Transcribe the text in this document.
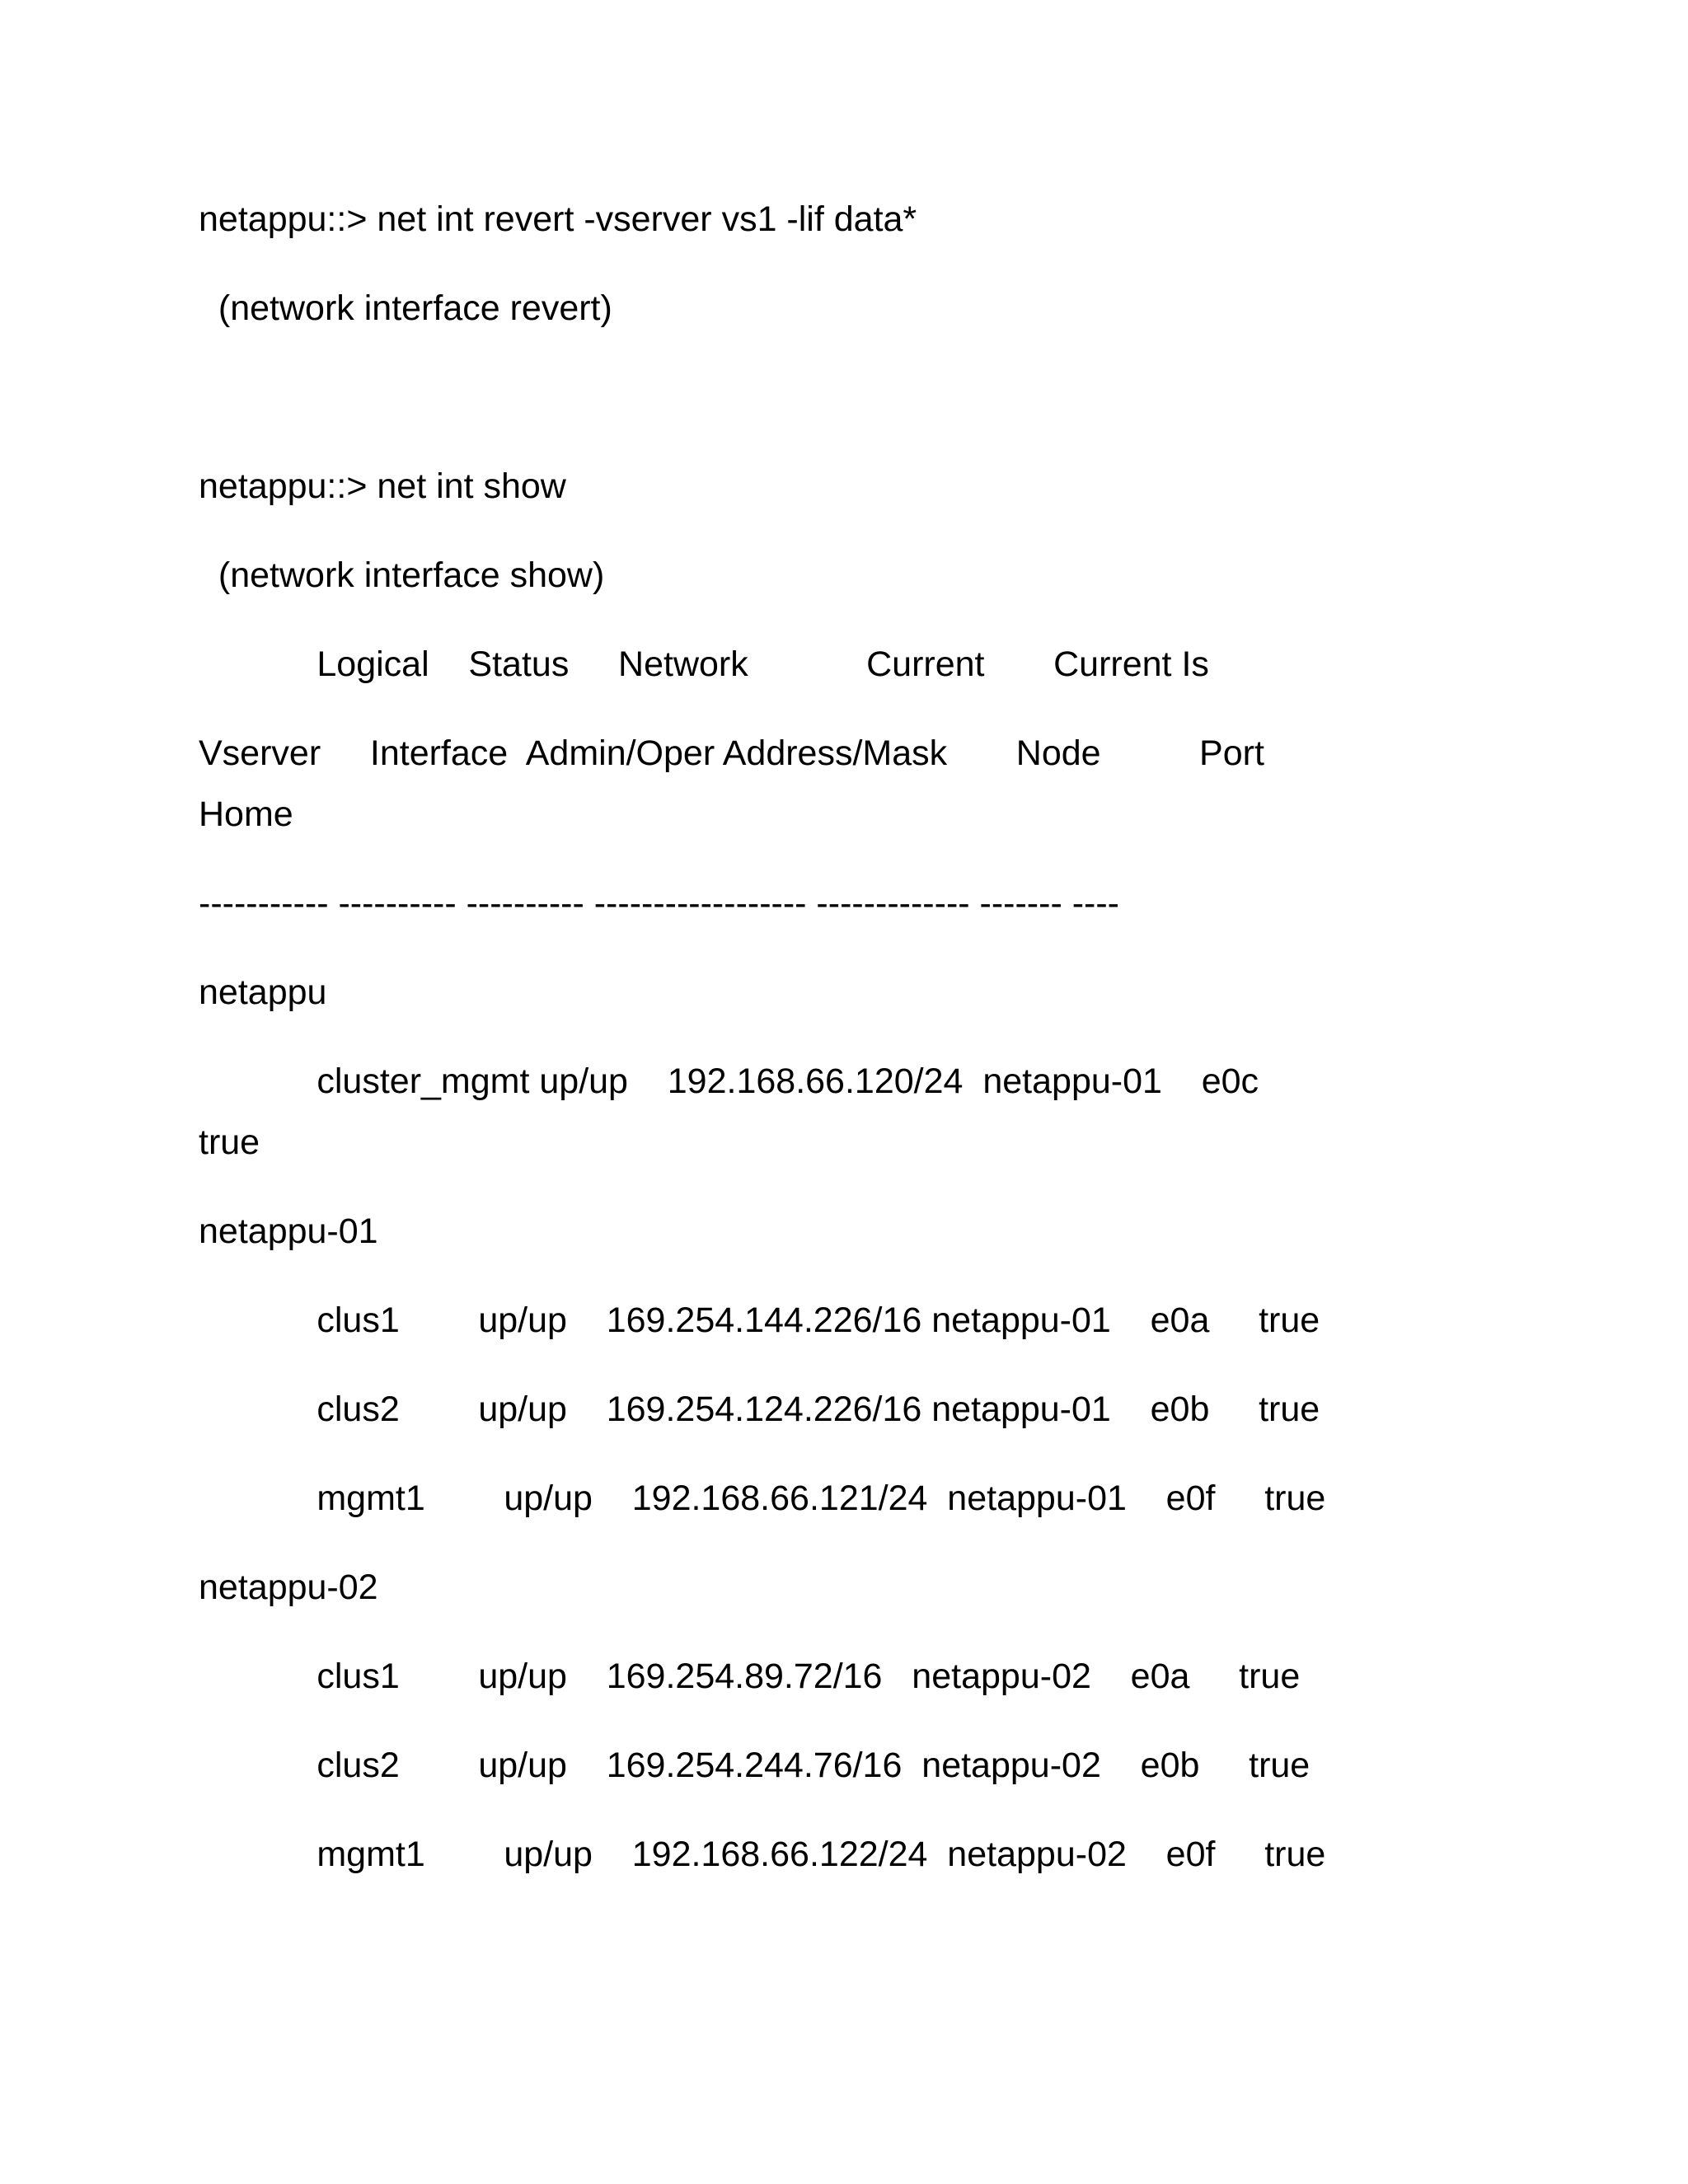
netappu::> net int revert -vserver vs1 -lif data*

(network interface revert)

netappu::> net int show

(network interface show)

Logical    Status     Network            Current       Current Is

Vserver     Interface  Admin/Oper Address/Mask       Node          Port

Home

----------- ---------- ---------- ------------------ ------------- ------- ----

netappu

cluster_mgmt up/up    192.168.66.120/24  netappu-01    e0c

true

netappu-01

clus1        up/up    169.254.144.226/16 netappu-01    e0a     true

clus2        up/up    169.254.124.226/16 netappu-01    e0b     true

mgmt1        up/up    192.168.66.121/24  netappu-01    e0f     true

netappu-02

clus1        up/up    169.254.89.72/16   netappu-02    e0a     true

clus2        up/up    169.254.244.76/16  netappu-02    e0b     true

mgmt1        up/up    192.168.66.122/24  netappu-02    e0f     true
